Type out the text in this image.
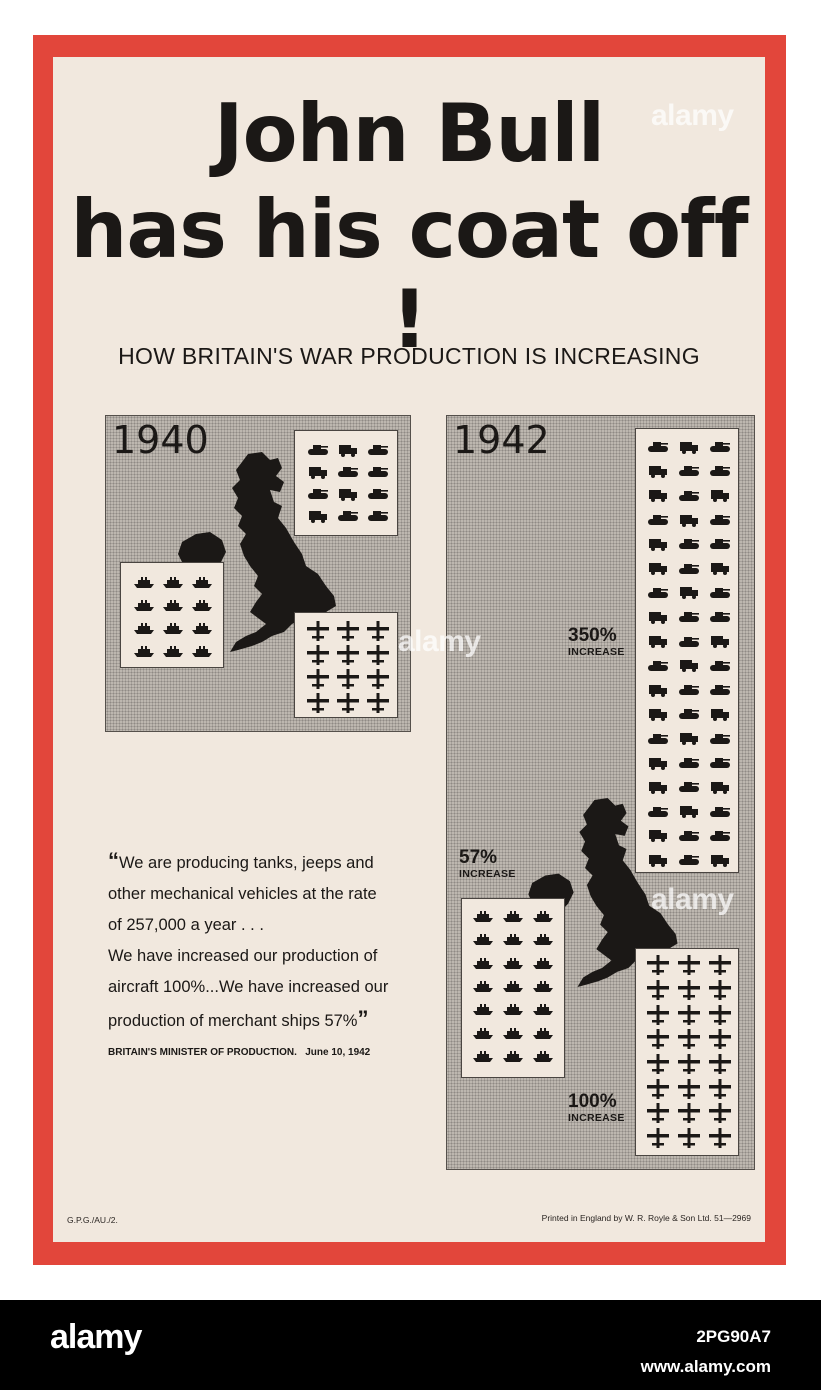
John Bull
has his coat off !
HOW BRITAIN'S WAR PRODUCTION IS INCREASING
1940	1942
350%
INCREASE
57%
INCREASE
100%
INCREASE
“We are producing tanks, jeeps and
other mechanical vehicles at the rate
of 257,000 a year . . .
We have increased our production of
aircraft 100%...We have increased our
production of merchant ships 57%”
BRITAIN'S MINISTER OF PRODUCTION. June 10, 1942
G.P.G./AU./2.	Printed in England by W. R. Royle & Son Ltd. 51—2969
alamy
alamy
alamy
alamy	2PG90A7
www.alamy.com
